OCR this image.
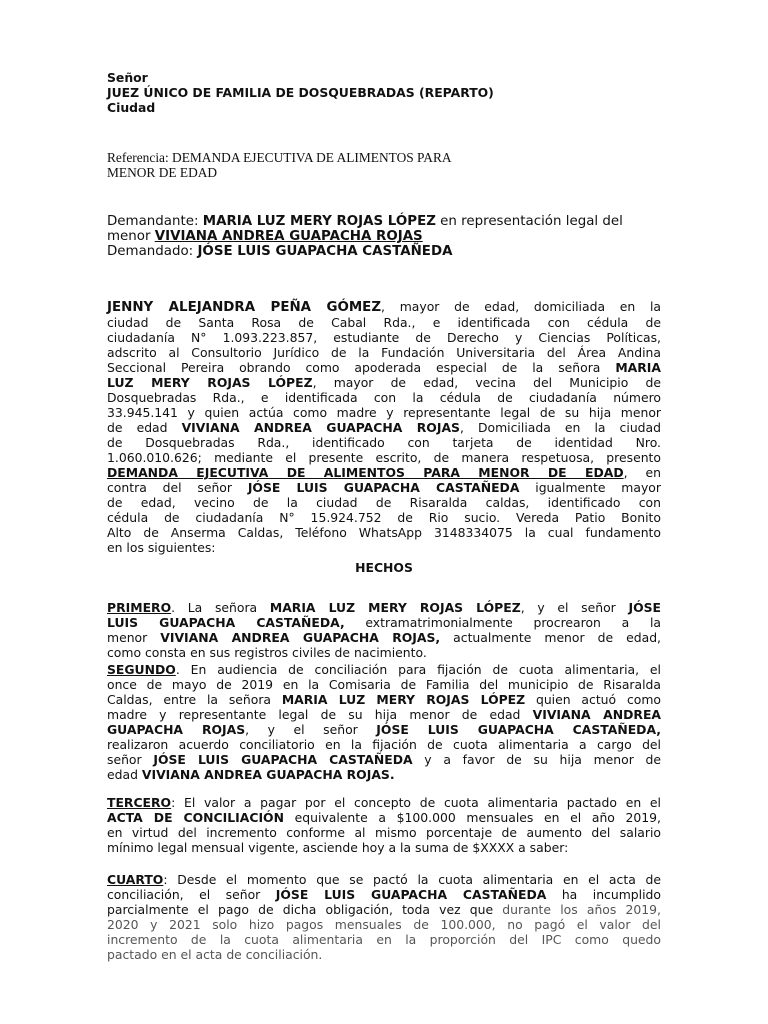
Señor

JUEZ ÚNICO DE FAMILIA DE DOSQUEBRADAS (REPARTO)

Ciudad

Referencia: DEMANDA EJECUTIVA DE ALIMENTOS PARA

MENOR DE EDAD

Demandante: MARIA LUZ MERY ROJAS LÓPEZ en representación legal del

menor VIVIANA ANDREA GUAPACHA ROJAS

Demandado: JÓSE LUIS GUAPACHA CASTAÑEDA

JENNY ALEJANDRA PEÑA GÓMEZ, mayor de edad, domiciliada en la

ciudad de Santa Rosa de Cabal Rda., e identificada con cédula de

ciudadanía N° 1.093.223.857, estudiante de Derecho y Ciencias Políticas,

adscrito al Consultorio Jurídico de la Fundación Universitaria del Área Andina

Seccional Pereira obrando como apoderada especial de la señora MARIA

LUZ MERY ROJAS LÓPEZ, mayor de edad, vecina del Municipio de

Dosquebradas Rda., e identificada con la cédula de ciudadanía número

33.945.141 y quien actúa como madre y representante legal de su hija menor

de edad VIVIANA ANDREA GUAPACHA ROJAS, Domiciliada en la ciudad

de Dosquebradas Rda., identificado con tarjeta de identidad Nro.

1.060.010.626; mediante el presente escrito, de manera respetuosa, presento

DEMANDA EJECUTIVA DE ALIMENTOS PARA MENOR DE EDAD, en

contra del señor JÓSE LUIS GUAPACHA CASTAÑEDA igualmente mayor

de edad, vecino de la ciudad de Risaralda caldas, identificado con

cédula de ciudadanía N° 15.924.752 de Rio sucio. Vereda Patio Bonito

Alto de Anserma Caldas, Teléfono WhatsApp 3148334075 la cual fundamento

en los siguientes:

HECHOS

PRIMERO. La señora MARIA LUZ MERY ROJAS LÓPEZ, y el señor JÓSE

LUIS GUAPACHA CASTAÑEDA, extramatrimonialmente procrearon a la

menor VIVIANA ANDREA GUAPACHA ROJAS, actualmente menor de edad,

como consta en sus registros civiles de nacimiento.

SEGUNDO. En audiencia de conciliación para fijación de cuota alimentaria, el

once de mayo de 2019 en la Comisaria de Familia del municipio de Risaralda

Caldas, entre la señora MARIA LUZ MERY ROJAS LÓPEZ quien actuó como

madre y representante legal de su hija menor de edad VIVIANA ANDREA

GUAPACHA ROJAS, y el señor JÓSE LUIS GUAPACHA CASTAÑEDA,

realizaron acuerdo conciliatorio en la fijación de cuota alimentaria a cargo del

señor JÓSE LUIS GUAPACHA CASTAÑEDA y a favor de su hija menor de

edad VIVIANA ANDREA GUAPACHA ROJAS.

TERCERO: El valor a pagar por el concepto de cuota alimentaria pactado en el

ACTA DE CONCILIACIÓN equivalente a $100.000 mensuales en el año 2019,

en virtud del incremento conforme al mismo porcentaje de aumento del salario

mínimo legal mensual vigente, asciende hoy a la suma de $XXXX a saber:

CUARTO: Desde el momento que se pactó la cuota alimentaria en el acta de

conciliación, el señor JÓSE LUIS GUAPACHA CASTAÑEDA ha incumplido

parcialmente el pago de dicha obligación, toda vez que durante los años 2019,

2020 y 2021 solo hizo pagos mensuales de 100.000, no pagó el valor del

incremento de la cuota alimentaria en la proporción del IPC como quedo

pactado en el acta de conciliación.
